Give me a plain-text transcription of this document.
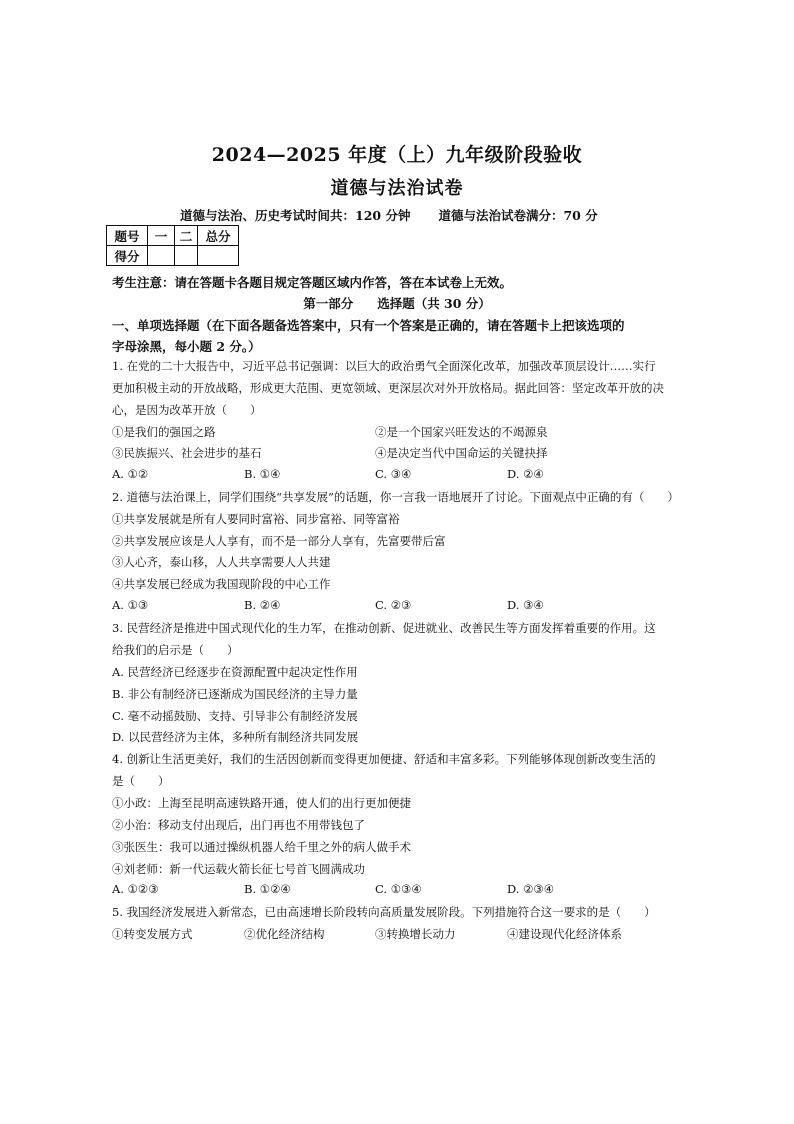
2024—2025 年度（上）九年级阶段验收
道德与法治试卷
道德与法治、历史考试时间共：120 分钟 道德与法治试卷满分：70 分
题号	一	二	总分
得分			
考生注意：请在答题卡各题目规定答题区域内作答，答在本试卷上无效。
第一部分 选择题（共 30 分）
一、单项选择题（在下面各题备选答案中，只有一个答案是正确的，请在答题卡上把该选项的
字母涂黑，每小题 2 分。）
1. 在党的二十大报告中，习近平总书记强调：以巨大的政治勇气全面深化改革，加强改革顶层设计……实行
更加积极主动的开放战略，形成更大范围、更宽领域、更深层次对外开放格局。据此回答：坚定改革开放的决
心，是因为改革开放（　　）
①是我们的强国之路	②是一个国家兴旺发达的不竭源泉
③民族振兴、社会进步的基石	④是决定当代中国命运的关键抉择
A. ①②	B. ①④	C. ③④	D. ②④
2. 道德与法治课上，同学们围绕“共享发展”的话题，你一言我一语地展开了讨论。下面观点中正确的有（　　）
①共享发展就是所有人要同时富裕、同步富裕、同等富裕
②共享发展应该是人人享有，而不是一部分人享有，先富要带后富
③人心齐，泰山移，人人共享需要人人共建
④共享发展已经成为我国现阶段的中心工作
A. ①③	B. ②④	C. ②③	D. ③④
3. 民营经济是推进中国式现代化的生力军，在推动创新、促进就业、改善民生等方面发挥着重要的作用。这
给我们的启示是（　　）
A. 民营经济已经逐步在资源配置中起决定性作用
B. 非公有制经济已逐渐成为国民经济的主导力量
C. 毫不动摇鼓励、支持、引导非公有制经济发展
D. 以民营经济为主体，多种所有制经济共同发展
4. 创新让生活更美好，我们的生活因创新而变得更加便捷、舒适和丰富多彩。下列能够体现创新改变生活的
是（　　）
①小政：上海至昆明高速铁路开通，使人们的出行更加便捷
②小治：移动支付出现后，出门再也不用带钱包了
③张医生：我可以通过操纵机器人给千里之外的病人做手术
④刘老师：新一代运载火箭长征七号首飞圆满成功
A. ①②③	B. ①②④	C. ①③④	D. ②③④
5. 我国经济发展进入新常态，已由高速增长阶段转向高质量发展阶段。下列措施符合这一要求的是（　　）
①转变发展方式	②优化经济结构	③转换增长动力	④建设现代化经济体系
